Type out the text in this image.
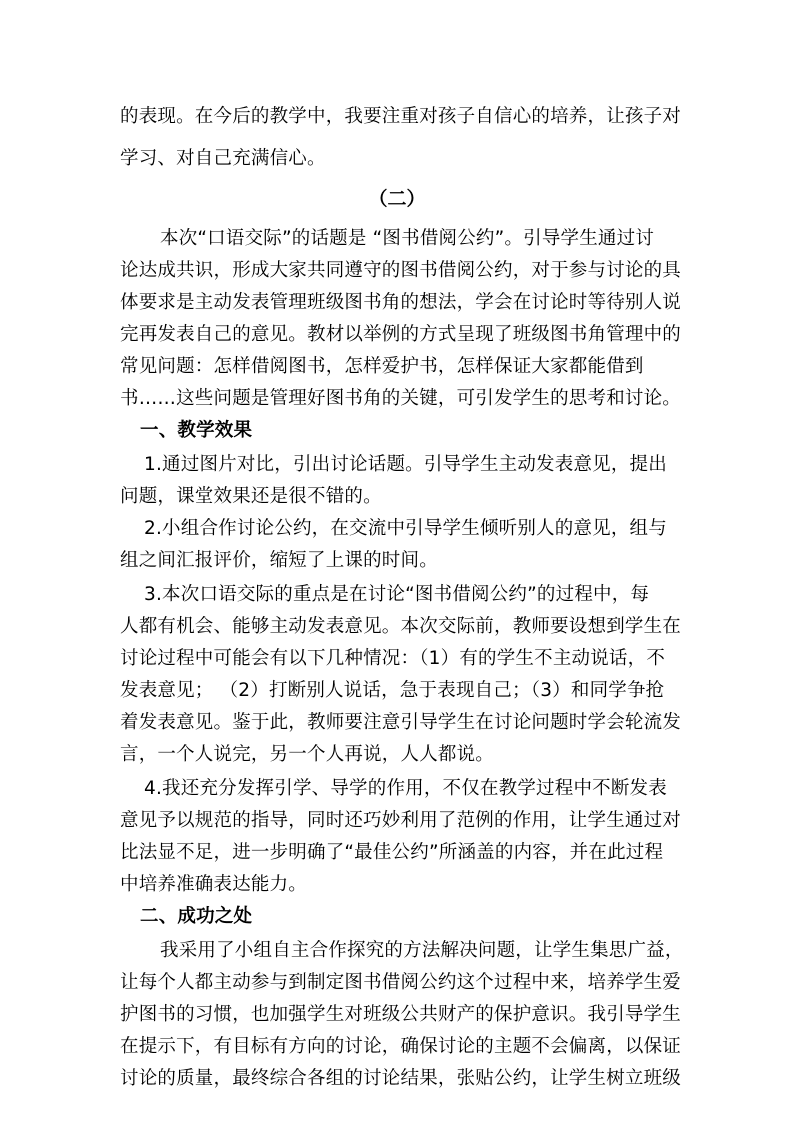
的表现。在今后的教学中，我要注重对孩子自信心的培养，让孩子对
学习、对自己充满信心。
（二）
本次“口语交际”的话题是 “图书借阅公约”。引导学生通过讨
论达成共识，形成大家共同遵守的图书借阅公约，对于参与讨论的具
体要求是主动发表管理班级图书角的想法，学会在讨论时等待别人说
完再发表自己的意见。教材以举例的方式呈现了班级图书角管理中的
常见问题：怎样借阅图书，怎样爱护书，怎样保证大家都能借到
书……这些问题是管理好图书角的关键，可引发学生的思考和讨论。
一、教学效果
1.通过图片对比，引出讨论话题。引导学生主动发表意见，提出
问题，课堂效果还是很不错的。
2.小组合作讨论公约，在交流中引导学生倾听别人的意见，组与
组之间汇报评价，缩短了上课的时间。
3.本次口语交际的重点是在讨论“图书借阅公约”的过程中，每
人都有机会、能够主动发表意见。本次交际前，教师要设想到学生在
讨论过程中可能会有以下几种情况：（1）有的学生不主动说话，不
发表意见； （2）打断别人说话，急于表现自己；（3）和同学争抢
着发表意见。鉴于此，教师要注意引导学生在讨论问题时学会轮流发
言，一个人说完，另一个人再说，人人都说。
4.我还充分发挥引学、导学的作用，不仅在教学过程中不断发表
意见予以规范的指导，同时还巧妙利用了范例的作用，让学生通过对
比法显不足，进一步明确了“最佳公约”所涵盖的内容，并在此过程
中培养准确表达能力。
二、成功之处
我采用了小组自主合作探究的方法解决问题，让学生集思广益，
让每个人都主动参与到制定图书借阅公约这个过程中来，培养学生爱
护图书的习惯，也加强学生对班级公共财产的保护意识。我引导学生
在提示下，有目标有方向的讨论，确保讨论的主题不会偏离，以保证
讨论的质量，最终综合各组的讨论结果，张贴公约，让学生树立班级
